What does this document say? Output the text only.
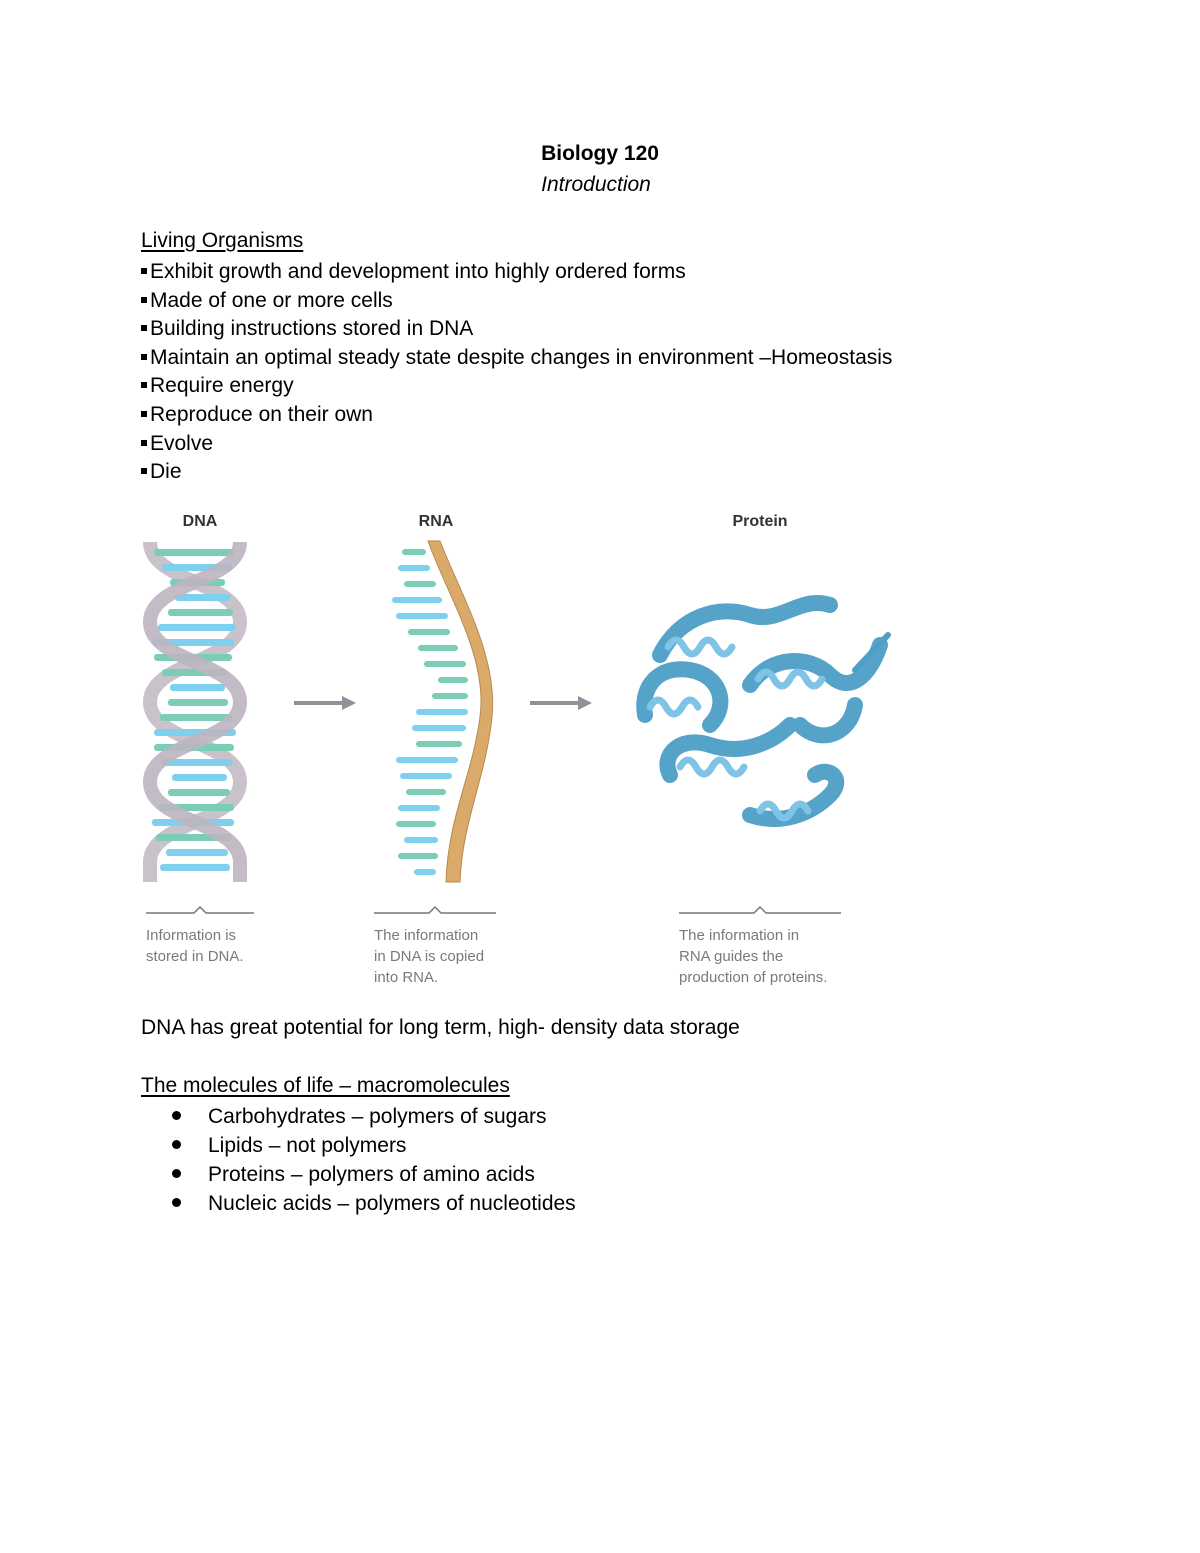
Biology 120
Introduction
Living Organisms
Exhibit growth and development into highly ordered forms
Made of one or more cells
Building instructions stored in DNA
Maintain an optimal steady state despite changes in environment –Homeostasis
Require energy
Reproduce on their own
Evolve
Die
DNA	RNA	Protein
Information is
stored in DNA.
The information
in DNA is copied
into RNA.
The information in
RNA guides the
production of proteins.
DNA has great potential for long term, high- density data storage
The molecules of life – macromolecules
Carbohydrates – polymers of sugars
Lipids – not polymers
Proteins – polymers of amino acids
Nucleic acids – polymers of nucleotides
